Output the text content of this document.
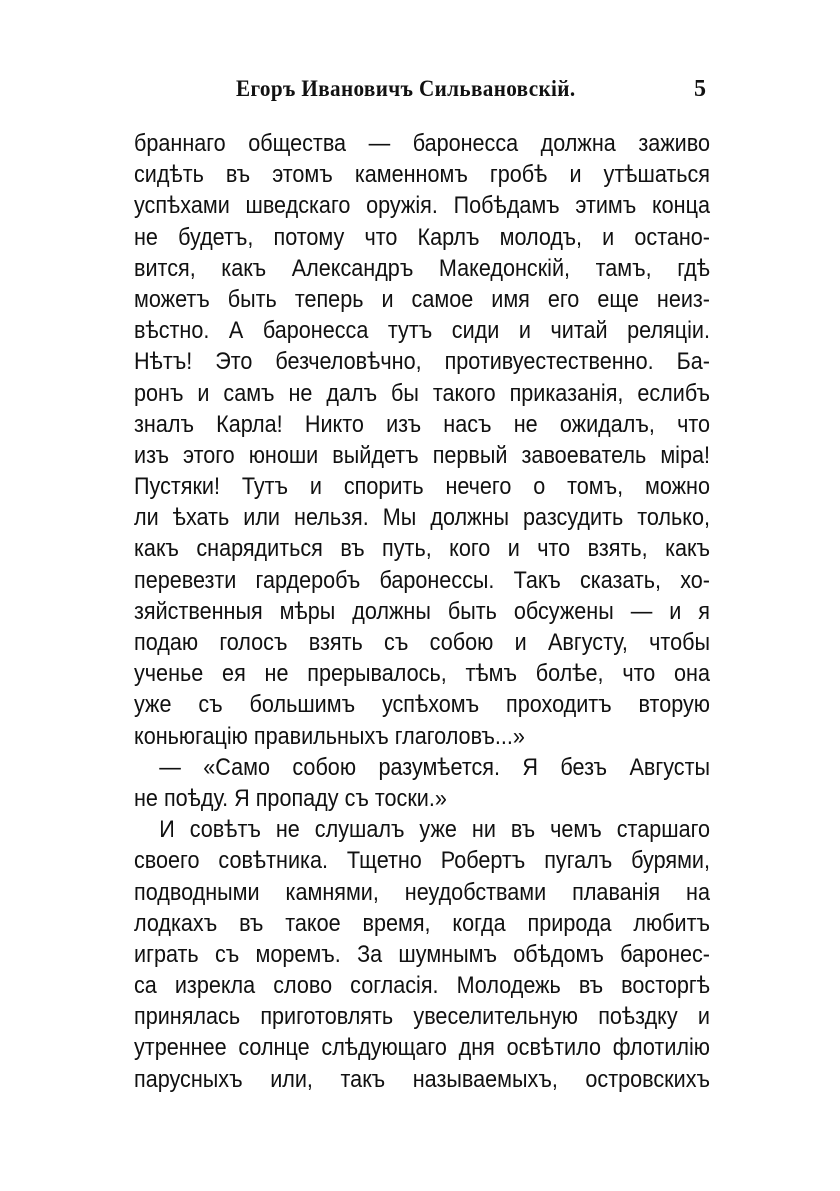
Егоръ Ивановичъ Сильвановскій.	5
браннаго общества — баронесса должна заживо
сидѣть въ этомъ каменномъ гробѣ и утѣшаться
успѣхами шведскаго оружія. Побѣдамъ этимъ конца
не будетъ, потому что Карлъ молодъ, и остано-
вится, какъ Александръ Македонскій, тамъ, гдѣ
можетъ быть теперь и самое имя его еще неиз-
вѣстно. А баронесса тутъ сиди и читай реляціи.
Нѣтъ! Это безчеловѣчно, противуестественно. Ба-
ронъ и самъ не далъ бы такого приказанія, еслибъ
зналъ Карла! Никто изъ насъ не ожидалъ, что
изъ этого юноши выйдетъ первый завоеватель міра!
Пустяки! Тутъ и спорить нечего о томъ, можно
ли ѣхать или нельзя. Мы должны разсудить только,
какъ снарядиться въ путь, кого и что взять, какъ
перевезти гардеробъ баронессы. Такъ сказать, хо-
зяйственныя мѣры должны быть обсужены — и я
подаю голосъ взять съ собою и Августу, чтобы
ученье ея не прерывалось, тѣмъ болѣе, что она
уже съ большимъ успѣхомъ проходитъ вторую
коньюгацію правильныхъ глаголовъ...»
— «Само собою разумѣется. Я безъ Августы
не поѣду. Я пропаду съ тоски.»
И совѣтъ не слушалъ уже ни въ чемъ старшаго
своего совѣтника. Тщетно Робертъ пугалъ бурями,
подводными камнями, неудобствами плаванія на
лодкахъ въ такое время, когда природа любитъ
играть съ моремъ. За шумнымъ обѣдомъ баронес-
са изрекла слово согласія. Молодежь въ восторгѣ
принялась приготовлять увеселительную поѣздку и
утреннее солнце слѣдующаго дня освѣтило флотилію
парусныхъ или, такъ называемыхъ, островскихъ
